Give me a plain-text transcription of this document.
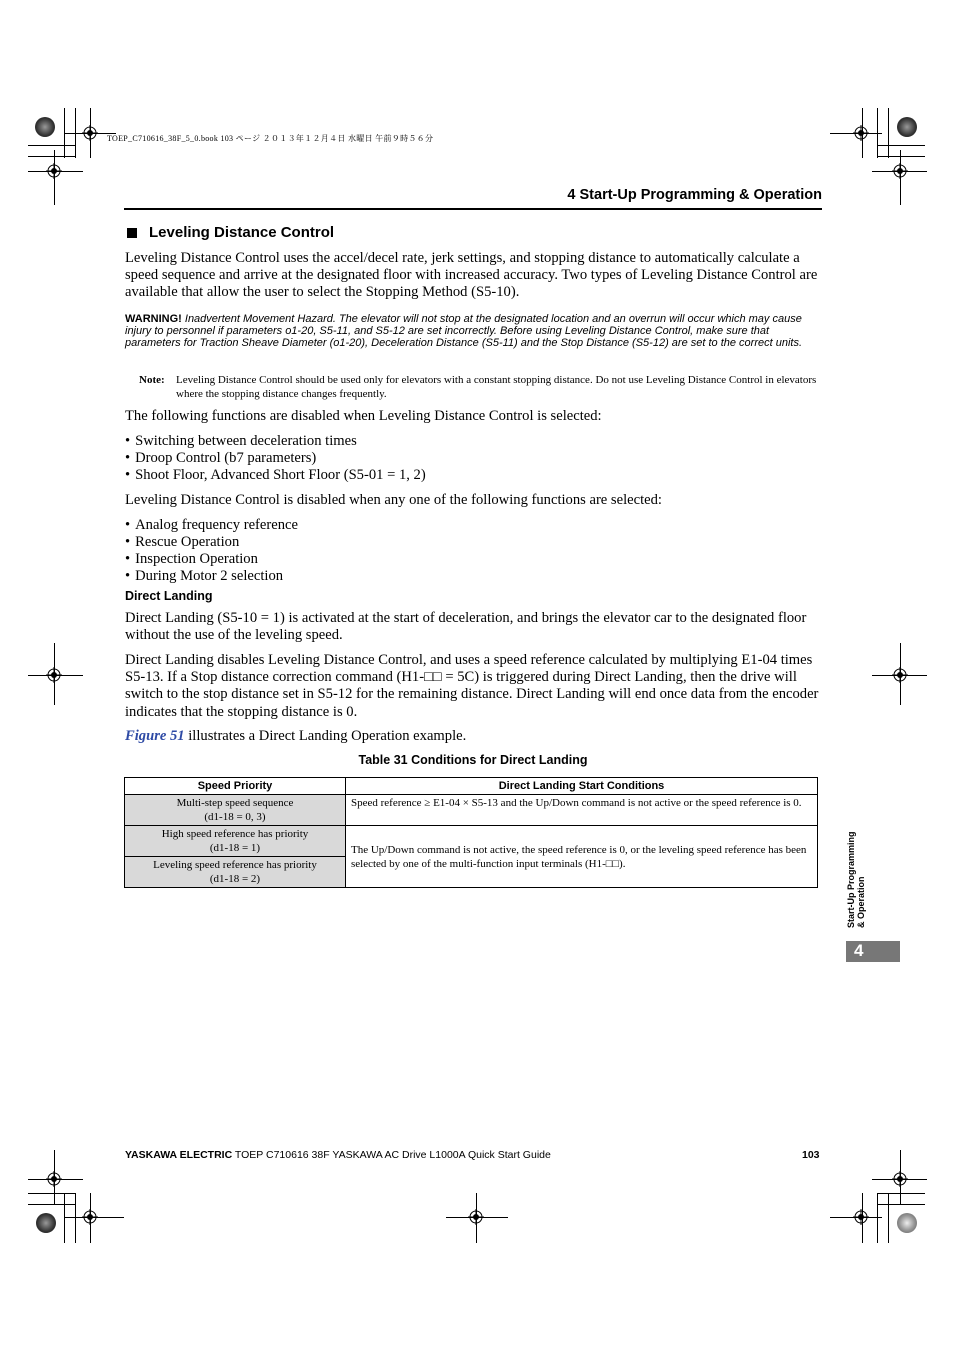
TOEP_C710616_38F_5_0.book 103 ページ ２０１３年１２月４日 水曜日 午前９時５６分
4 Start-Up Programming & Operation
Leveling Distance Control
Leveling Distance Control uses the accel/decel rate, jerk settings, and stopping distance to automatically calculate a speed sequence and arrive at the designated floor with increased accuracy. Two types of Leveling Distance Control are available that allow the user to select the Stopping Method (S5-10).
WARNING! Inadvertent Movement Hazard. The elevator will not stop at the designated location and an overrun will occur which may cause injury to personnel if parameters o1-20, S5-11, and S5-12 are set incorrectly. Before using Leveling Distance Control, make sure that parameters for Traction Sheave Diameter (o1-20), Deceleration Distance (S5-11) and the Stop Distance (S5-12) are set to the correct units.
Note:	Leveling Distance Control should be used only for elevators with a constant stopping distance. Do not use Leveling Distance Control in elevators where the stopping distance changes frequently.
The following functions are disabled when Leveling Distance Control is selected:
• Switching between deceleration times
• Droop Control (b7 parameters)
• Shoot Floor, Advanced Short Floor (S5-01 = 1, 2)
Leveling Distance Control is disabled when any one of the following functions are selected:
• Analog frequency reference
• Rescue Operation
• Inspection Operation
• During Motor 2 selection
Direct Landing
Direct Landing (S5-10 = 1) is activated at the start of deceleration, and brings the elevator car to the designated floor without the use of the leveling speed.
Direct Landing disables Leveling Distance Control, and uses a speed reference calculated by multiplying E1-04 times S5-13. If a Stop distance correction command (H1-□□ = 5C) is triggered during Direct Landing, then the drive will switch to the stop distance set in S5-12 for the remaining distance. Direct Landing will end once data from the encoder indicates that the stopping distance is 0.
Figure 51 illustrates a Direct Landing Operation example.
Table 31 Conditions for Direct Landing
Speed Priority	Direct Landing Start Conditions

Multi-step speed sequence
(d1-18 = 0, 3)	Speed reference ≥ E1-04 × S5-13 and the Up/Down command is not active or the speed reference is 0.

High speed reference has priority
(d1-18 = 1)	The Up/Down command is not active, the speed reference is 0, or the leveling speed reference has been selected by one of the multi-function input terminals (H1-□□).

Leveling speed reference has priority
(d1-18 = 2)		Start-Up Programming & Operation
4
YASKAWA ELECTRIC TOEP C710616 38F YASKAWA AC Drive L1000A Quick Start Guide	103
